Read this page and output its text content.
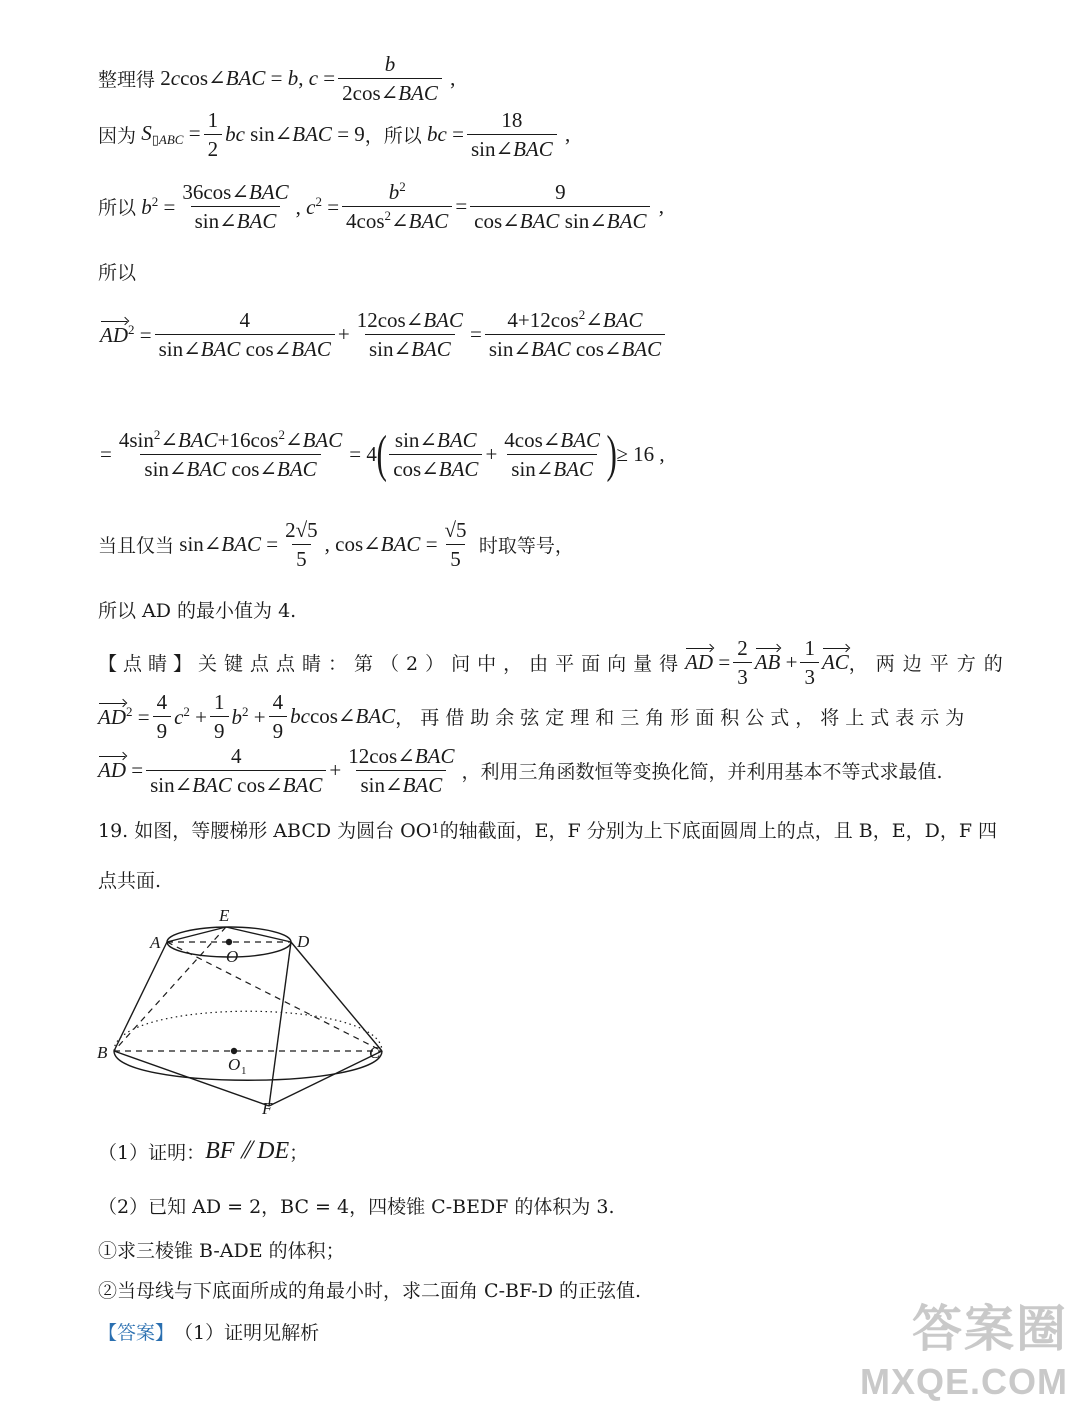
整理得 2ccos∠BAC = b, $c = \frac{b}{\text{2cos∠BAC}}$ ,
因为 $S_{▯ABC} = \frac{1}{2}$ bc sin∠BAC = 9 ，所以 bc = $\frac{18}{\text{sin∠BAC}}$ ,
所以 $b^2 = \frac{\text{36cos∠BAC}}{\text{sin∠BAC}}$ , $c^2 = \frac{b^2}{4\cos^2\angle BAC} = \frac{9}{\text{cos∠BAC sin∠BAC}}$ ,
所以
$AD^2 = \frac{4}{\text{sin∠BAC cos∠BAC}} + \frac{\text{12cos∠BAC}}{\text{sin∠BAC}} = \frac{4+12\cos^2\angle BAC}{\text{sin∠BAC cos∠BAC}}$
= $\frac{4\sin^2\angle BAC+16\cos^2\angle BAC}{\text{sin∠BAC cos∠BAC}} = 4$ ( $\frac{\text{sin∠BAC}}{\text{cos∠BAC}} + \frac{\text{4cos∠BAC}}{\text{sin∠BAC}}$ ) ≥ 16 ,
当且仅当 sin∠BAC = $\frac{2√5}{5}$ , cos∠BAC = $\frac{√5}{5}$
时取等号，
所以 AD 的最小值为 4.
【点睛】 关键点点睛：第（2）问中，由平面向量得 AD = $\frac{2}{3}$ AB + $\frac{1}{3}$ AC ，两边平方的
$AD^2 = \frac{4}{9} c^2 + \frac{1}{9} b^2 + \frac{4}{9}$ bccos∠BAC ，再借助余弦定理和三角形面积公式，将上式表示为
AD = $\frac{4}{\text{sin∠BAC cos∠BAC}} + \frac{\text{12cos∠BAC}}{\text{sin∠BAC}}$ ，利用三角函数恒等变换化简，并利用基本不等式求最值.
19. 如图，等腰梯形 ABCD 为圆台 OO 1 的轴截面，E，F 分别为上下底面圆周上的点，且 B，E，D，F 四
点共面.
A	D
E
O
B	C
O
F
1
（1）证明： BF ⫽ DE ；
（2）已知 AD = 2，BC = 4，四棱锥 C-BEDF 的体积为 3.
①求三棱锥 B-ADE 的体积；
②当母线与下底面所成的角最小时，求二面角 C-BF-D 的正弦值.
【答案】 （1）证明见解析	答案圈
MXQE.COM
